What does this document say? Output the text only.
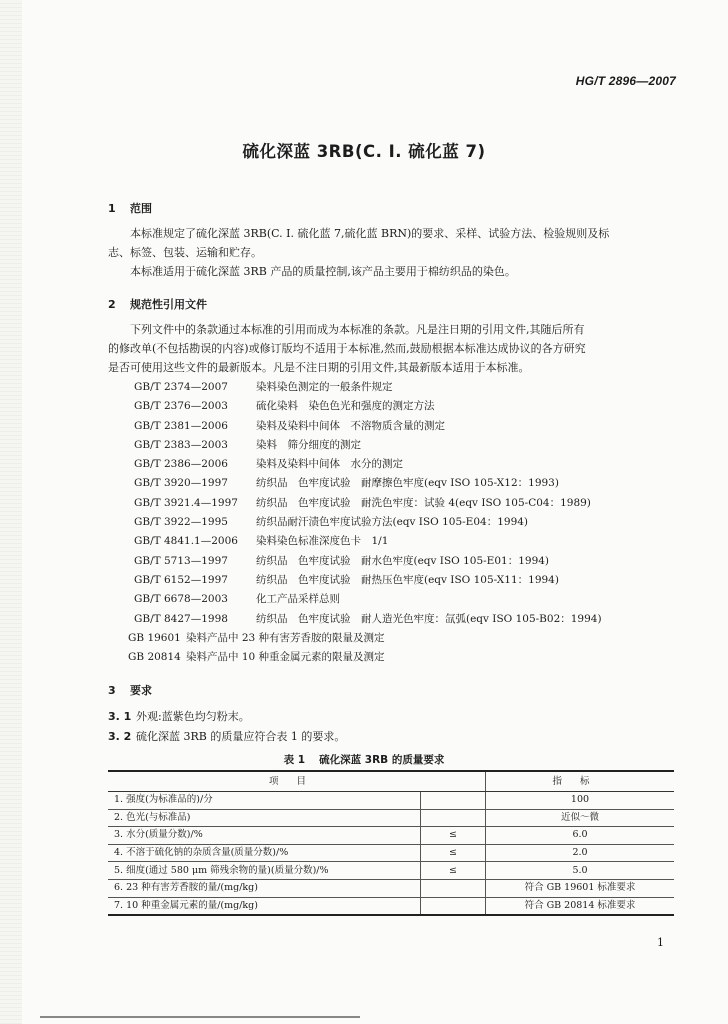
HG/T 2896—2007
硫化深蓝 3RB(C. I. 硫化蓝 7)
1 范围
本标准规定了硫化深蓝 3RB(C. I. 硫化蓝 7,硫化蓝 BRN)的要求、采样、试验方法、检验规则及标
志、标签、包装、运输和贮存。
本标准适用于硫化深蓝 3RB 产品的质量控制,该产品主要用于棉纺织品的染色。
2 规范性引用文件
下列文件中的条款通过本标准的引用而成为本标准的条款。凡是注日期的引用文件,其随后所有
的修改单(不包括勘误的内容)或修订版均不适用于本标准,然而,鼓励根据本标准达成协议的各方研究
是否可使用这些文件的最新版本。凡是不注日期的引用文件,其最新版本适用于本标准。
GB/T 2374—2007	染料染色测定的一般条件规定
GB/T 2376—2003	硫化染料　染色色光和强度的测定方法
GB/T 2381—2006	染料及染料中间体　不溶物质含量的测定
GB/T 2383—2003	染料　筛分细度的测定
GB/T 2386—2006	染料及染料中间体　水分的测定
GB/T 3920—1997	纺织品　色牢度试验　耐摩擦色牢度(eqv ISO 105-X12：1993)
GB/T 3921.4—1997 纺织品　色牢度试验　耐洗色牢度：试验 4(eqv ISO 105-C04：1989)
GB/T 3922—1995	纺织品耐汗渍色牢度试验方法(eqv ISO 105-E04：1994)
GB/T 4841.1—2006 染料染色标准深度色卡　1/1
GB/T 5713—1997	纺织品　色牢度试验　耐水色牢度(eqv ISO 105-E01：1994)
GB/T 6152—1997	纺织品　色牢度试验　耐热压色牢度(eqv ISO 105-X11：1994)
GB/T 6678—2003	化工产品采样总则
GB/T 8427—1998	纺织品　色牢度试验　耐人造光色牢度：氙弧(eqv ISO 105-B02：1994)
GB 19601 染料产品中 23 种有害芳香胺的限量及测定
GB 20814 染料产品中 10 种重金属元素的限量及测定
3 要求
3. 1 外观:蓝紫色均匀粉末。
3. 2 硫化深蓝 3RB 的质量应符合表 1 的要求。
表 1 硫化深蓝 3RB 的质量要求
项目		指标
1. 强度(为标准品的)/分		100
2. 色光(与标准品)		近似～微
3. 水分(质量分数)/%	≤	6.0
4. 不溶于硫化钠的杂质含量(质量分数)/%	≤	2.0
5. 细度(通过 580 μm 筛残余物的量)(质量分数)/%	≤	5.0
6. 23 种有害芳香胺的量/(mg/kg)		符合 GB 19601 标准要求
7. 10 种重金属元素的量/(mg/kg)		符合 GB 20814 标准要求
1
